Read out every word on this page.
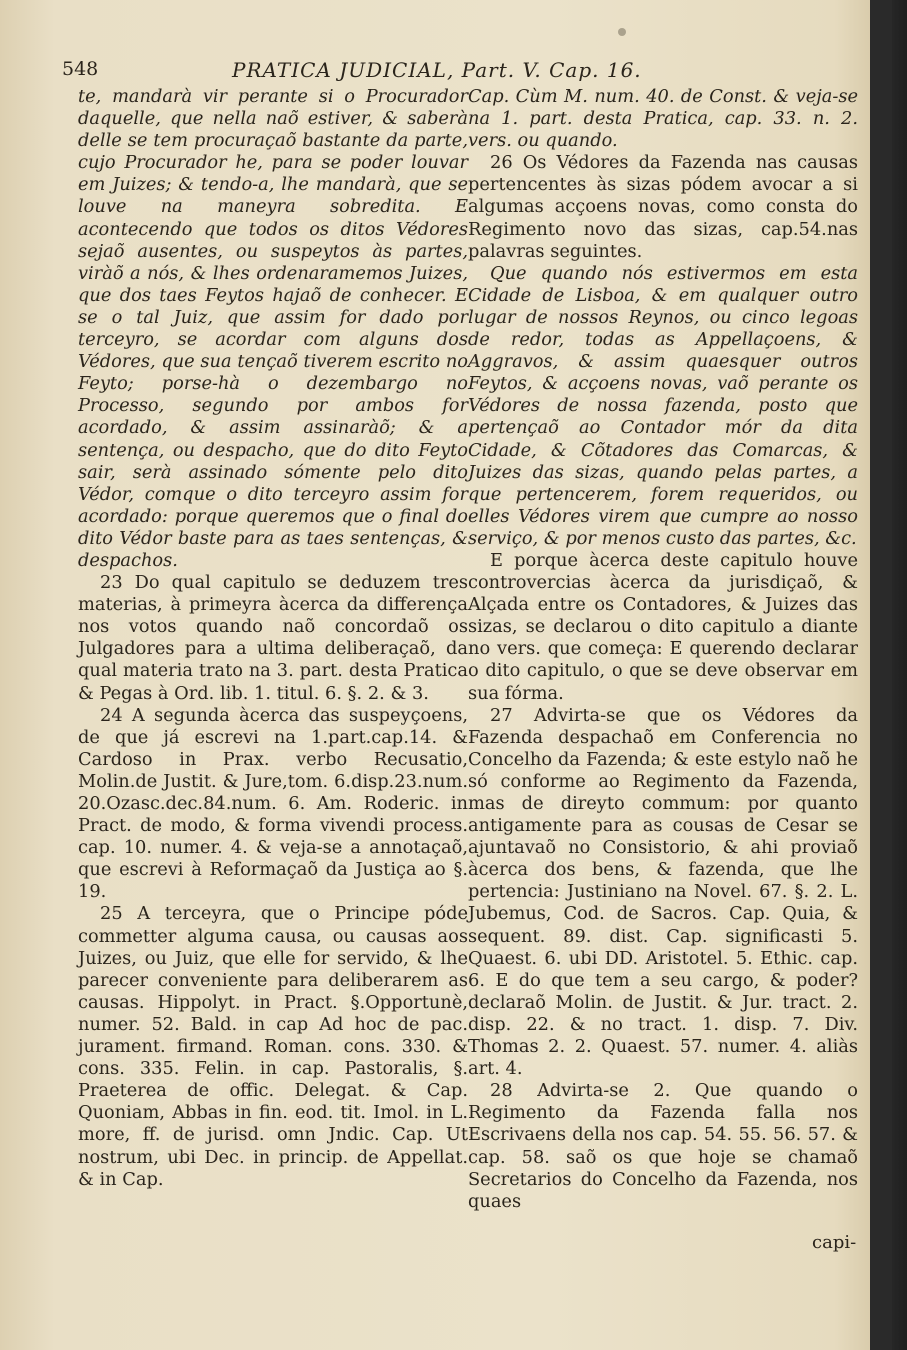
548	PRATICA JUDICIAL, Part. V. Cap. 16.

te, mandarà vir perante si o Procurador daquelle, que nella naõ estiver, & saberà delle se tem procuraçaõ bastante da parte, cujo Procurador he, para se poder louvar em Juizes; & tendo-a, lhe mandarà, que se louve na maneyra sobredita. E acontecendo que todos os ditos Védores sejaõ ausentes, ou suspeytos às partes, viràõ a nós, & lhes ordenaramemos Juizes, que dos taes Feytos hajaõ de conhecer. E se o tal Juiz, que assim for dado por terceyro, se acordar com alguns dos Védores, que sua tençaõ tiverem escrito no Feyto; porse-hà o dezembargo no Processo, segundo por ambos for acordado, & assim assinaràõ; & a sentença, ou despacho, que do dito Feyto sair, serà assinado sómente pelo dito Védor, comque o dito terceyro assim for acordado: porque queremos que o final do dito Védor baste para as taes sentenças, & despachos.

23 Do qual capitulo se deduzem tres materias, à primeyra àcerca da differença nos votos quando naõ concordaõ os Julgadores para a ultima deliberaçaõ, da qual materia trato na 3. part. desta Pratica & Pegas à Ord. lib. 1. titul. 6. §. 2. & 3.

24 A segunda àcerca das suspeyçoens, de que já escrevi na 1.part.cap.14. & Cardoso in Prax. verbo Recusatio, Molin.de Justit. & Jure,tom. 6.disp.23.num. 20.Ozasc.dec.84.num. 6. Am. Roderic. in Pract. de modo, & forma vivendi process. cap. 10. numer. 4. & veja-se a annotaçaõ, que escrevi à Reformaçaõ da Justiça ao §. 19.

25 A terceyra, que o Principe póde commetter alguma causa, ou causas aos Juizes, ou Juiz, que elle for servido, & lhe parecer conveniente para deliberarem as causas. Hippolyt. in Pract. §.Opportunè, numer. 52. Bald. in cap Ad hoc de pac. jurament. firmand. Roman. cons. 330. & cons. 335. Felin. in cap. Pastoralis, §. Praeterea de offic. Delegat. & Cap. Quoniam, Abbas in fin. eod. tit. Imol. in L. more, ff. de jurisd. omn Jndic. Cap. Ut nostrum, ubi Dec. in princip. de Appellat. & in Cap.

Cap. Cùm M. num. 40. de Const. & veja-se na 1. part. desta Pratica, cap. 33. n. 2. vers. ou quando.

26 Os Védores da Fazenda nas causas pertencentes às sizas pódem avocar a si algumas acçoens novas, como consta do Regimento novo das sizas, cap.54.nas palavras seguintes.

Que quando nós estivermos em esta Cidade de Lisboa, & em qualquer outro lugar de nossos Reynos, ou cinco legoas de redor, todas as Appellaçoens, & Aggravos, & assim quaesquer outros Feytos, & acçoens novas, vaõ perante os Védores de nossa fazenda, posto que pertençaõ ao Contador mór da dita Cidade, & Cõtadores das Comarcas, & Juizes das sizas, quando pelas partes, a que pertencerem, forem requeridos, ou elles Védores virem que cumpre ao nosso serviço, & por menos custo das partes, &c.

E porque àcerca deste capitulo houve controvercias àcerca da jurisdiçaõ, & Alçada entre os Contadores, & Juizes das sizas, se declarou o dito capitulo a diante no vers. que começa: E querendo declarar o dito capitulo, o que se deve observar em sua fórma.

27 Advirta-se que os Védores da Fazenda despachaõ em Conferencia no Concelho da Fazenda; & este estylo naõ he só conforme ao Regimento da Fazenda, mas de direyto commum: por quanto antigamente para as cousas de Cesar se ajuntavaõ no Consistorio, & ahi proviaõ àcerca dos bens, & fazenda, que lhe pertencia: Justiniano na Novel. 67. §. 2. L. Jubemus, Cod. de Sacros. Cap. Quia, & sequent. 89. dist. Cap. significasti 5. Quaest. 6. ubi DD. Aristotel. 5. Ethic. cap. 6. E do que tem a seu cargo, & poder? declaraõ Molin. de Justit. & Jur. tract. 2. disp. 22. & no tract. 1. disp. 7. Div. Thomas 2. 2. Quaest. 57. numer. 4. aliàs art. 4.

28 Advirta-se 2. Que quando o Regimento da Fazenda falla nos Escrivaens della nos cap. 54. 55. 56. 57. & cap. 58. saõ os que hoje se chamaõ Secretarios do Concelho da Fazenda, nos quaes

capi-
